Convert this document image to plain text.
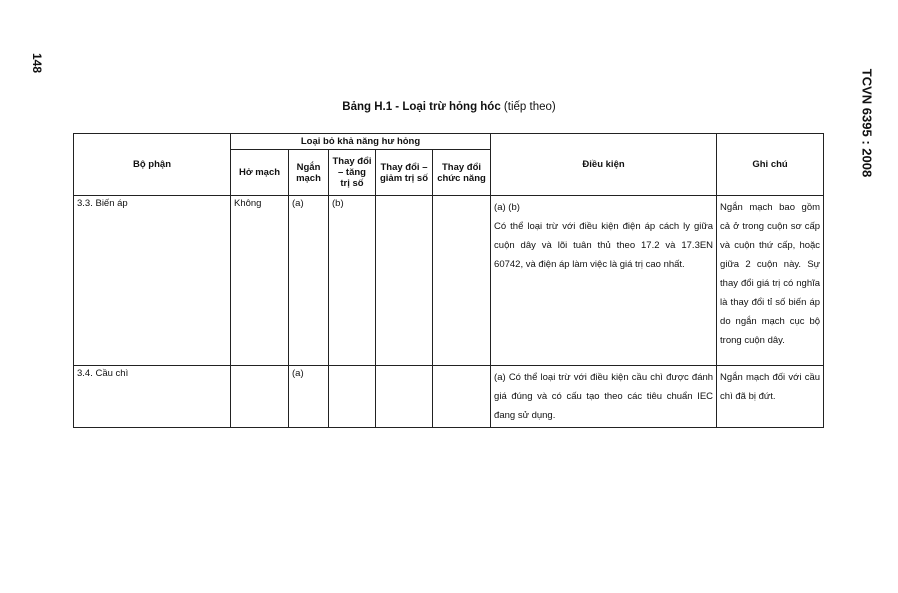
148
TCVN 6395 : 2008
Bảng H.1 - Loại trừ hỏng hóc (tiếp theo)
Bộ phận	Loại bỏ khả năng hư hỏng					Điều kiện	Ghi chú
	Hở mạch	Ngắn mạch	Thay đổi – tăng trị số	Thay đổi – giảm trị số	Thay đổi chức năng		
3.3. Biến áp	Không	(a)	(b)			(a) (b)
Có thể loại trừ với điều kiện điện áp cách ly giữa cuộn dây và lõi tuân thủ theo 17.2 và 17.3EN 60742, và điện áp làm việc là giá trị cao nhất.	Ngắn mạch bao gồm cả ở trong cuộn sơ cấp và cuộn thứ cấp, hoặc giữa 2 cuộn này. Sự thay đổi giá trị có nghĩa là thay đổi tỉ số biến áp do ngắn mạch cục bộ trong cuộn dây.
3.4. Cầu chì		(a)				(a) Có thể loại trừ với điều kiện cầu chì được đánh giá đúng và có cấu tạo theo các tiêu chuẩn IEC đang sử dụng.	Ngắn mạch đối với cầu chì đã bị đứt.
